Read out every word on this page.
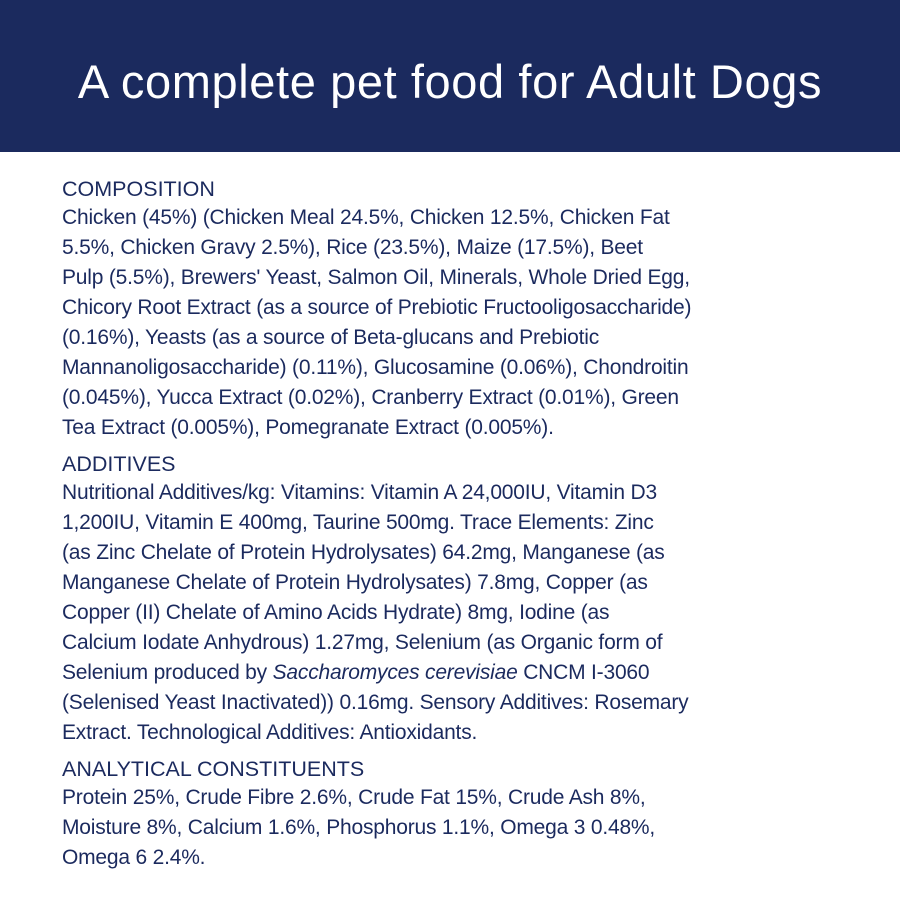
A complete pet food for Adult Dogs

COMPOSITION

Chicken (45%) (Chicken Meal 24.5%, Chicken 12.5%, Chicken Fat

5.5%, Chicken Gravy 2.5%), Rice (23.5%), Maize (17.5%), Beet

Pulp (5.5%), Brewers' Yeast, Salmon Oil, Minerals, Whole Dried Egg,

Chicory Root Extract (as a source of Prebiotic Fructooligosaccharide)

(0.16%), Yeasts (as a source of Beta-glucans and Prebiotic

Mannanoligosaccharide) (0.11%), Glucosamine (0.06%), Chondroitin

(0.045%), Yucca Extract (0.02%), Cranberry Extract (0.01%), Green

Tea Extract (0.005%), Pomegranate Extract (0.005%).

ADDITIVES

Nutritional Additives/kg: Vitamins: Vitamin A 24,000IU, Vitamin D3

1,200IU, Vitamin E 400mg, Taurine 500mg. Trace Elements: Zinc

(as Zinc Chelate of Protein Hydrolysates) 64.2mg, Manganese (as

Manganese Chelate of Protein Hydrolysates) 7.8mg, Copper (as

Copper (II) Chelate of Amino Acids Hydrate) 8mg, Iodine (as

Calcium Iodate Anhydrous) 1.27mg, Selenium (as Organic form of

Selenium produced by Saccharomyces cerevisiae CNCM I-3060

(Selenised Yeast Inactivated)) 0.16mg. Sensory Additives: Rosemary

Extract. Technological Additives: Antioxidants.

ANALYTICAL CONSTITUENTS

Protein 25%, Crude Fibre 2.6%, Crude Fat 15%, Crude Ash 8%,

Moisture 8%, Calcium 1.6%, Phosphorus 1.1%, Omega 3 0.48%,

Omega 6 2.4%.
